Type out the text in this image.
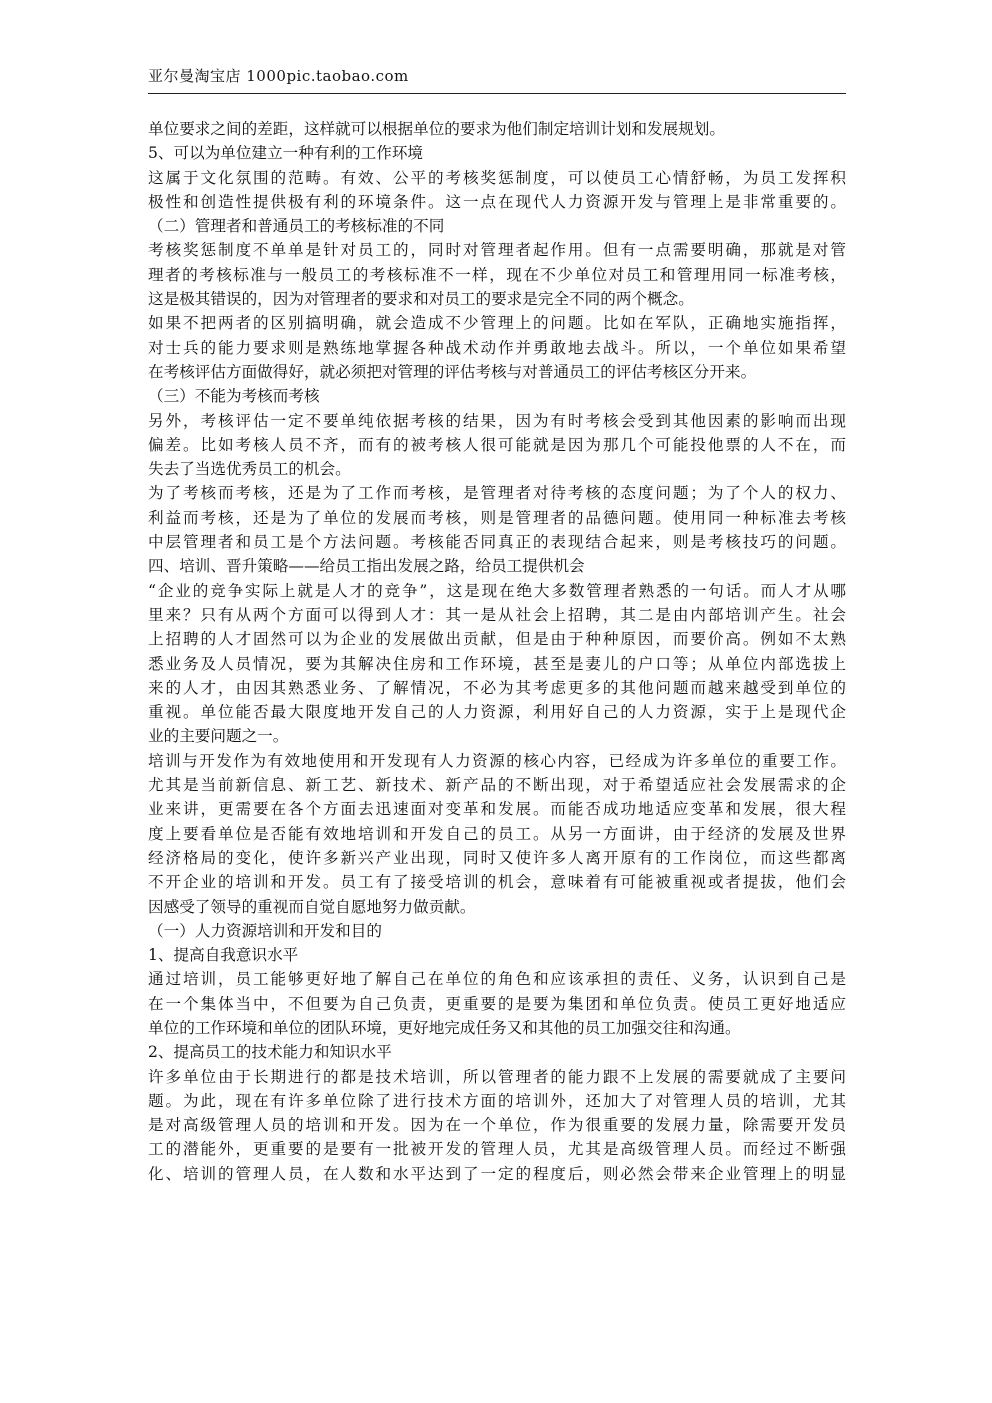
亚尔曼淘宝店 1000pic.taobao.com
单位要求之间的差距，这样就可以根据单位的要求为他们制定培训计划和发展规划。
5、可以为单位建立一种有利的工作环境
这属于文化氛围的范畴。有效、公平的考核奖惩制度，可以使员工心情舒畅，为员工发挥积
极性和创造性提供极有利的环境条件。这一点在现代人力资源开发与管理上是非常重要的。
（二）管理者和普通员工的考核标准的不同
考核奖惩制度不单单是针对员工的，同时对管理者起作用。但有一点需要明确，那就是对管
理者的考核标准与一般员工的考核标准不一样，现在不少单位对员工和管理用同一标准考核，
这是极其错误的，因为对管理者的要求和对员工的要求是完全不同的两个概念。
如果不把两者的区别搞明确，就会造成不少管理上的问题。比如在军队，正确地实施指挥，
对士兵的能力要求则是熟练地掌握各种战术动作并勇敢地去战斗。所以，一个单位如果希望
在考核评估方面做得好，就必须把对管理的评估考核与对普通员工的评估考核区分开来。
（三）不能为考核而考核
另外，考核评估一定不要单纯依据考核的结果，因为有时考核会受到其他因素的影响而出现
偏差。比如考核人员不齐，而有的被考核人很可能就是因为那几个可能投他票的人不在，而
失去了当选优秀员工的机会。
为了考核而考核，还是为了工作而考核，是管理者对待考核的态度问题；为了个人的权力、
利益而考核，还是为了单位的发展而考核，则是管理者的品德问题。使用同一种标准去考核
中层管理者和员工是个方法问题。考核能否同真正的表现结合起来，则是考核技巧的问题。
四、培训、晋升策略——给员工指出发展之路，给员工提供机会
“企业的竞争实际上就是人才的竞争”，这是现在绝大多数管理者熟悉的一句话。而人才从哪
里来？只有从两个方面可以得到人才：其一是从社会上招聘，其二是由内部培训产生。社会
上招聘的人才固然可以为企业的发展做出贡献，但是由于种种原因，而要价高。例如不太熟
悉业务及人员情况，要为其解决住房和工作环境，甚至是妻儿的户口等；从单位内部选拔上
来的人才，由因其熟悉业务、了解情况，不必为其考虑更多的其他问题而越来越受到单位的
重视。单位能否最大限度地开发自己的人力资源，利用好自己的人力资源，实于上是现代企
业的主要问题之一。
培训与开发作为有效地使用和开发现有人力资源的核心内容，已经成为许多单位的重要工作。
尤其是当前新信息、新工艺、新技术、新产品的不断出现，对于希望适应社会发展需求的企
业来讲，更需要在各个方面去迅速面对变革和发展。而能否成功地适应变革和发展，很大程
度上要看单位是否能有效地培训和开发自己的员工。从另一方面讲，由于经济的发展及世界
经济格局的变化，使许多新兴产业出现，同时又使许多人离开原有的工作岗位，而这些都离
不开企业的培训和开发。员工有了接受培训的机会，意味着有可能被重视或者提拔，他们会
因感受了领导的重视而自觉自愿地努力做贡献。
（一）人力资源培训和开发和目的
1、提高自我意识水平
通过培训，员工能够更好地了解自己在单位的角色和应该承担的责任、义务，认识到自己是
在一个集体当中，不但要为自己负责，更重要的是要为集团和单位负责。使员工更好地适应
单位的工作环境和单位的团队环境，更好地完成任务又和其他的员工加强交往和沟通。
2、提高员工的技术能力和知识水平
许多单位由于长期进行的都是技术培训，所以管理者的能力跟不上发展的需要就成了主要问
题。为此，现在有许多单位除了进行技术方面的培训外，还加大了对管理人员的培训，尤其
是对高级管理人员的培训和开发。因为在一个单位，作为很重要的发展力量，除需要开发员
工的潜能外，更重要的是要有一批被开发的管理人员，尤其是高级管理人员。而经过不断强
化、培训的管理人员，在人数和水平达到了一定的程度后，则必然会带来企业管理上的明显
